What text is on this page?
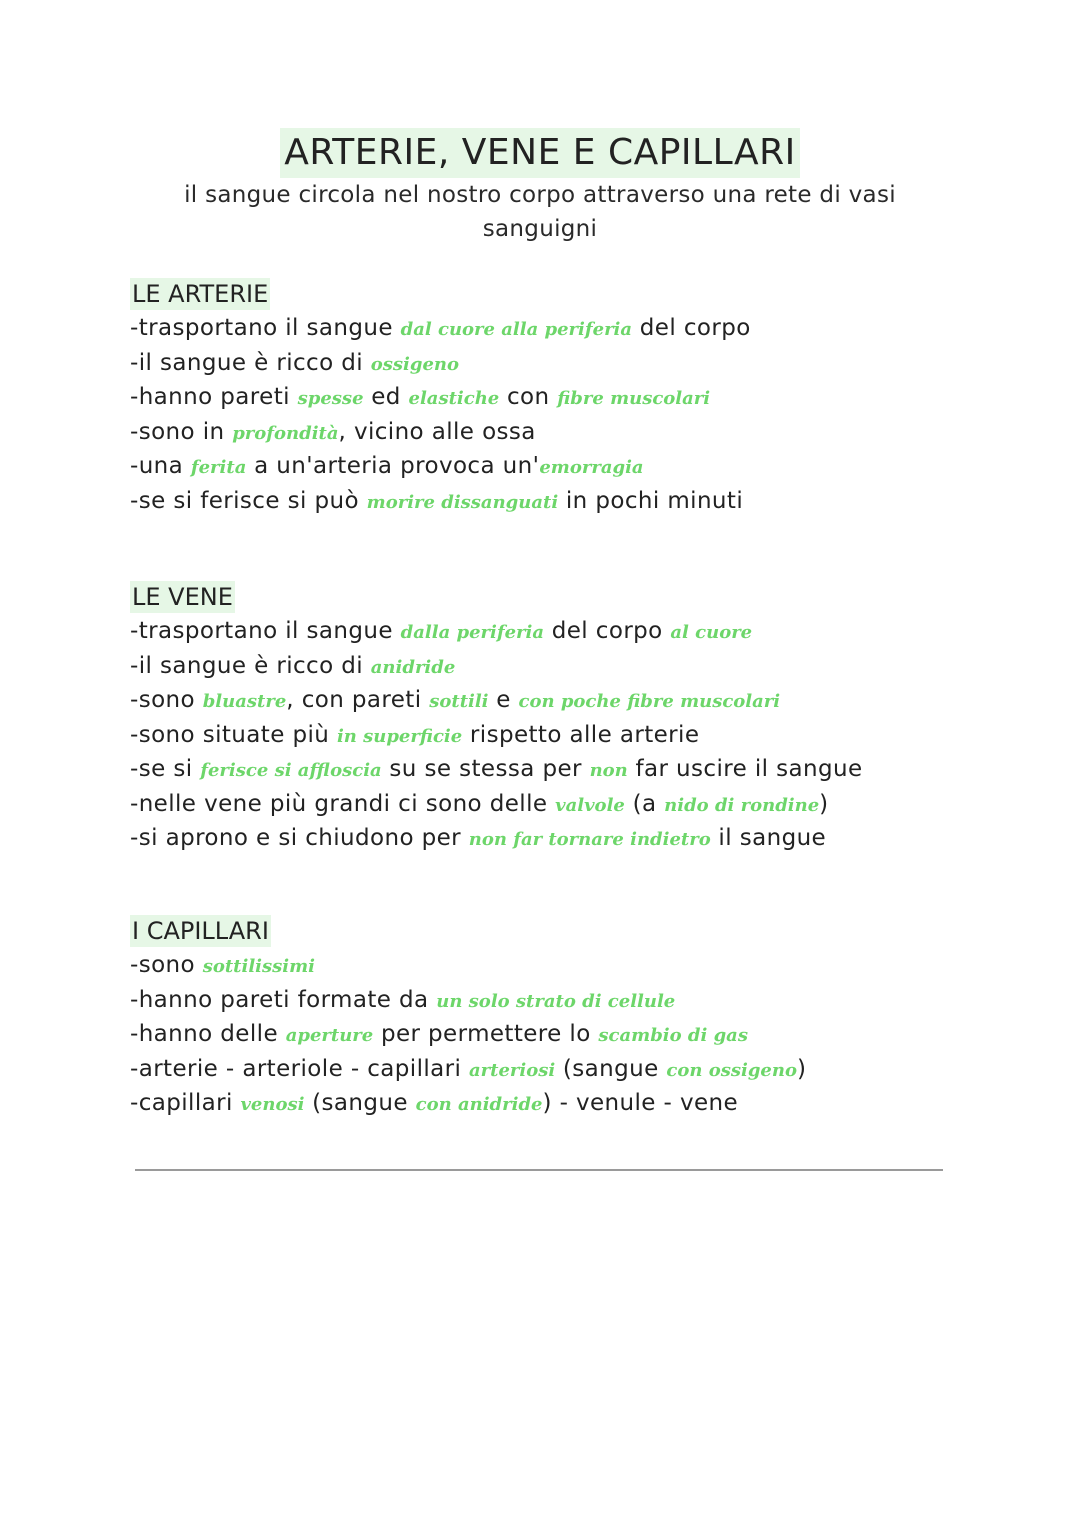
ARTERIE, VENE E CAPILLARI
il sangue circola nel nostro corpo attraverso una rete di vasi sanguigni
LE ARTERIE
-trasportano il sangue dal cuore alla periferia del corpo
-il sangue è ricco di ossigeno
-hanno pareti spesse ed elastiche con fibre muscolari
-sono in profondità, vicino alle ossa
-una ferita a un'arteria provoca un'emorragia
-se si ferisce si può morire dissanguati in pochi minuti
LE VENE
-trasportano il sangue dalla periferia del corpo al cuore
-il sangue è ricco di anidride
-sono bluastre, con pareti sottili e con poche fibre muscolari
-sono situate più in superficie rispetto alle arterie
-se si ferisce si affloscia su se stessa per non far uscire il sangue
-nelle vene più grandi ci sono delle valvole (a nido di rondine)
-si aprono e si chiudono per non far tornare indietro il sangue
I CAPILLARI
-sono sottilissimi
-hanno pareti formate da un solo strato di cellule
-hanno delle aperture per permettere lo scambio di gas
-arterie - arteriole - capillari arteriosi (sangue con ossigeno)
-capillari venosi (sangue con anidride) - venule - vene
